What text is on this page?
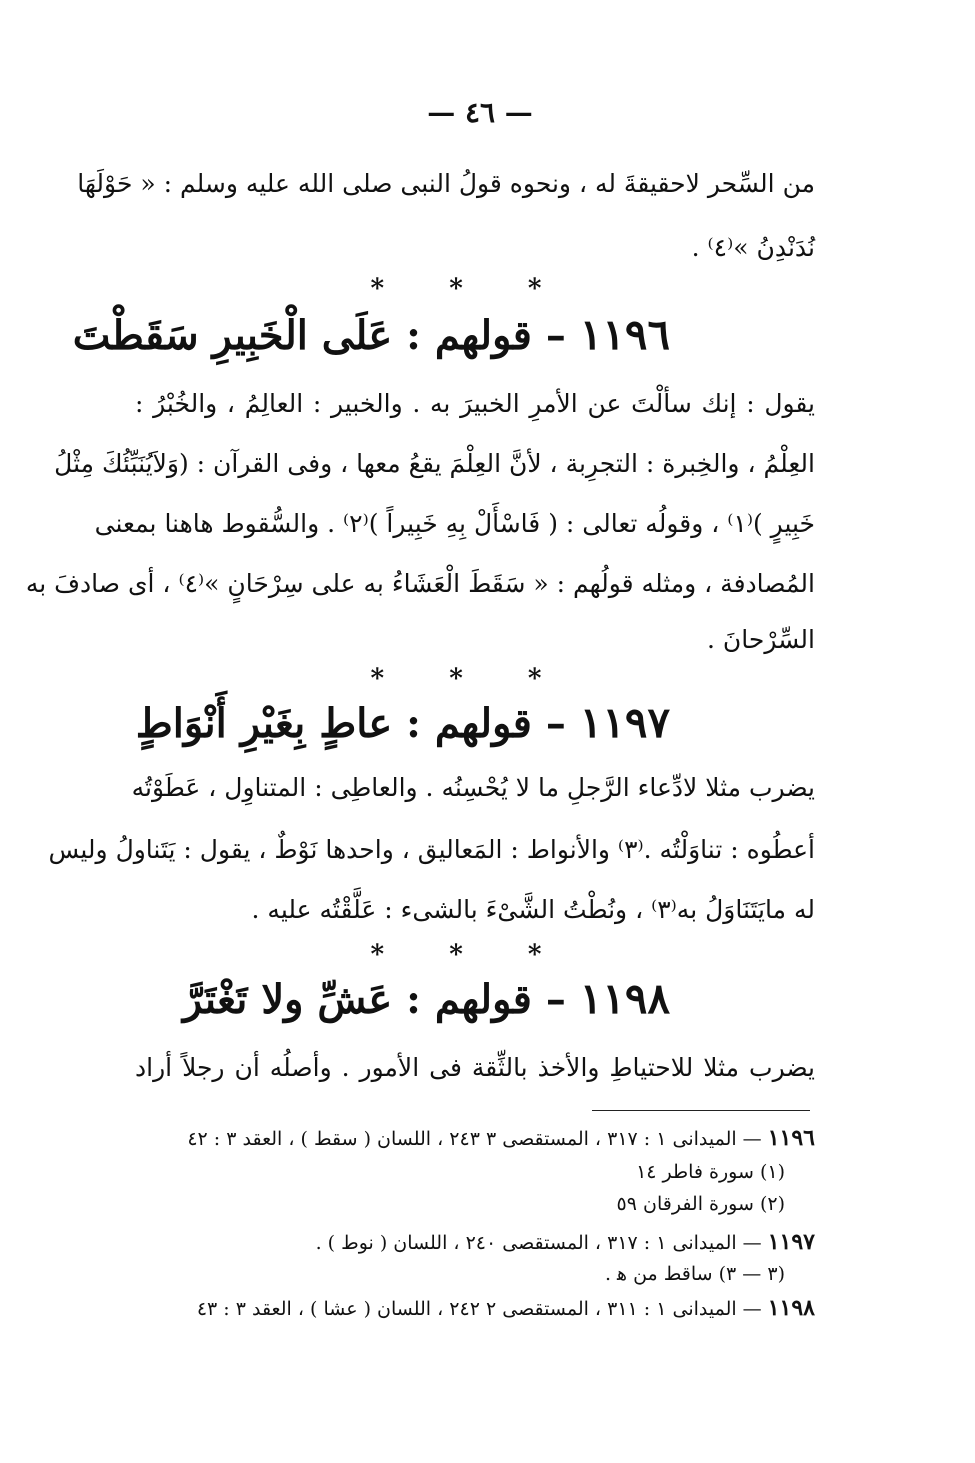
— ٤٦ —
من السِّحر لاحقيقةَ له ، ونحوه قولُ النبى صلى الله عليه وسلم : « حَوْلَهَا
نُدَنْدِنُ »⁽٤⁾ .
* * *
١١٩٦ – قولهم : عَلَى الْخَبِيرِ سَقَطْتَ
يقول : إنك سألْتَ عن الأمرِ الخبيرَ به . والخبير : العالِمُ ، والخُبْرُ :
العِلْمُ ، والخِبرة : التجرِبة ، لأنَّ العِلْمَ يقعُ معها ، وفى القرآن : (وَلاَيُنَبِّئُكَ مِثْلُ
خَبِيرٍ )⁽١⁾ ، وقولُه تعالى : ( فَاسْأَلْ بِهِ خَبِيراً )⁽٢⁾ . والسُّقوط هاهنا بمعنى
المُصادفة ، ومثله قولُهم : « سَقَطَ الْعَشَاءُ به على سِرْحَانٍ »⁽٤⁾ ، أى صادفَ به
السِّرْحانَ .
* * *
١١٩٧ – قولهم : عاطٍ بِغَيْرِ أَنْوَاطٍ
يضرب مثلا لادِّعاء الرَّجلِ ما لا يُحْسِنُه . والعاطِى : المتناوِل ، عَطَوْتُه
أعطُوه : تناوَلْتُه .⁽٣⁾ والأنواط : المَعاليق ، واحدها نَوْطٌ ، يقول : يَتَناولُ وليس
له مايَتَنَاوَلُ به⁽٣⁾ ، ونُطْتُ الشَّىْءَ بالشىء : عَلَّقْتُه عليه .
* * *
١١٩٨ – قولهم : عَشِّ ولا تَغْتَرَّ
يضرب مثلا للاحتياطِ والأخذ بالثِّقة فى الأمور . وأصلُه أن رجلاً أراد
١١٩٦ — الميدانى ١ : ٣١٧ ، المستقصى ٣ ٢٤٣ ، اللسان ( سقط ) ، العقد ٣ : ٤٢
(١) سورة فاطر ١٤
(٢) سورة الفرقان ٥٩
١١٩٧ — الميدانى ١ : ٣١٧ ، المستقصى ٢٤٠ ، اللسان ( نوط ) .
(٣ — ٣) ساقط من ﻫ .
١١٩٨ — الميدانى ١ : ٣١١ ، المستقصى ٢ ٢٤٢ ، اللسان ( عشا ) ، العقد ٣ : ٤٣
